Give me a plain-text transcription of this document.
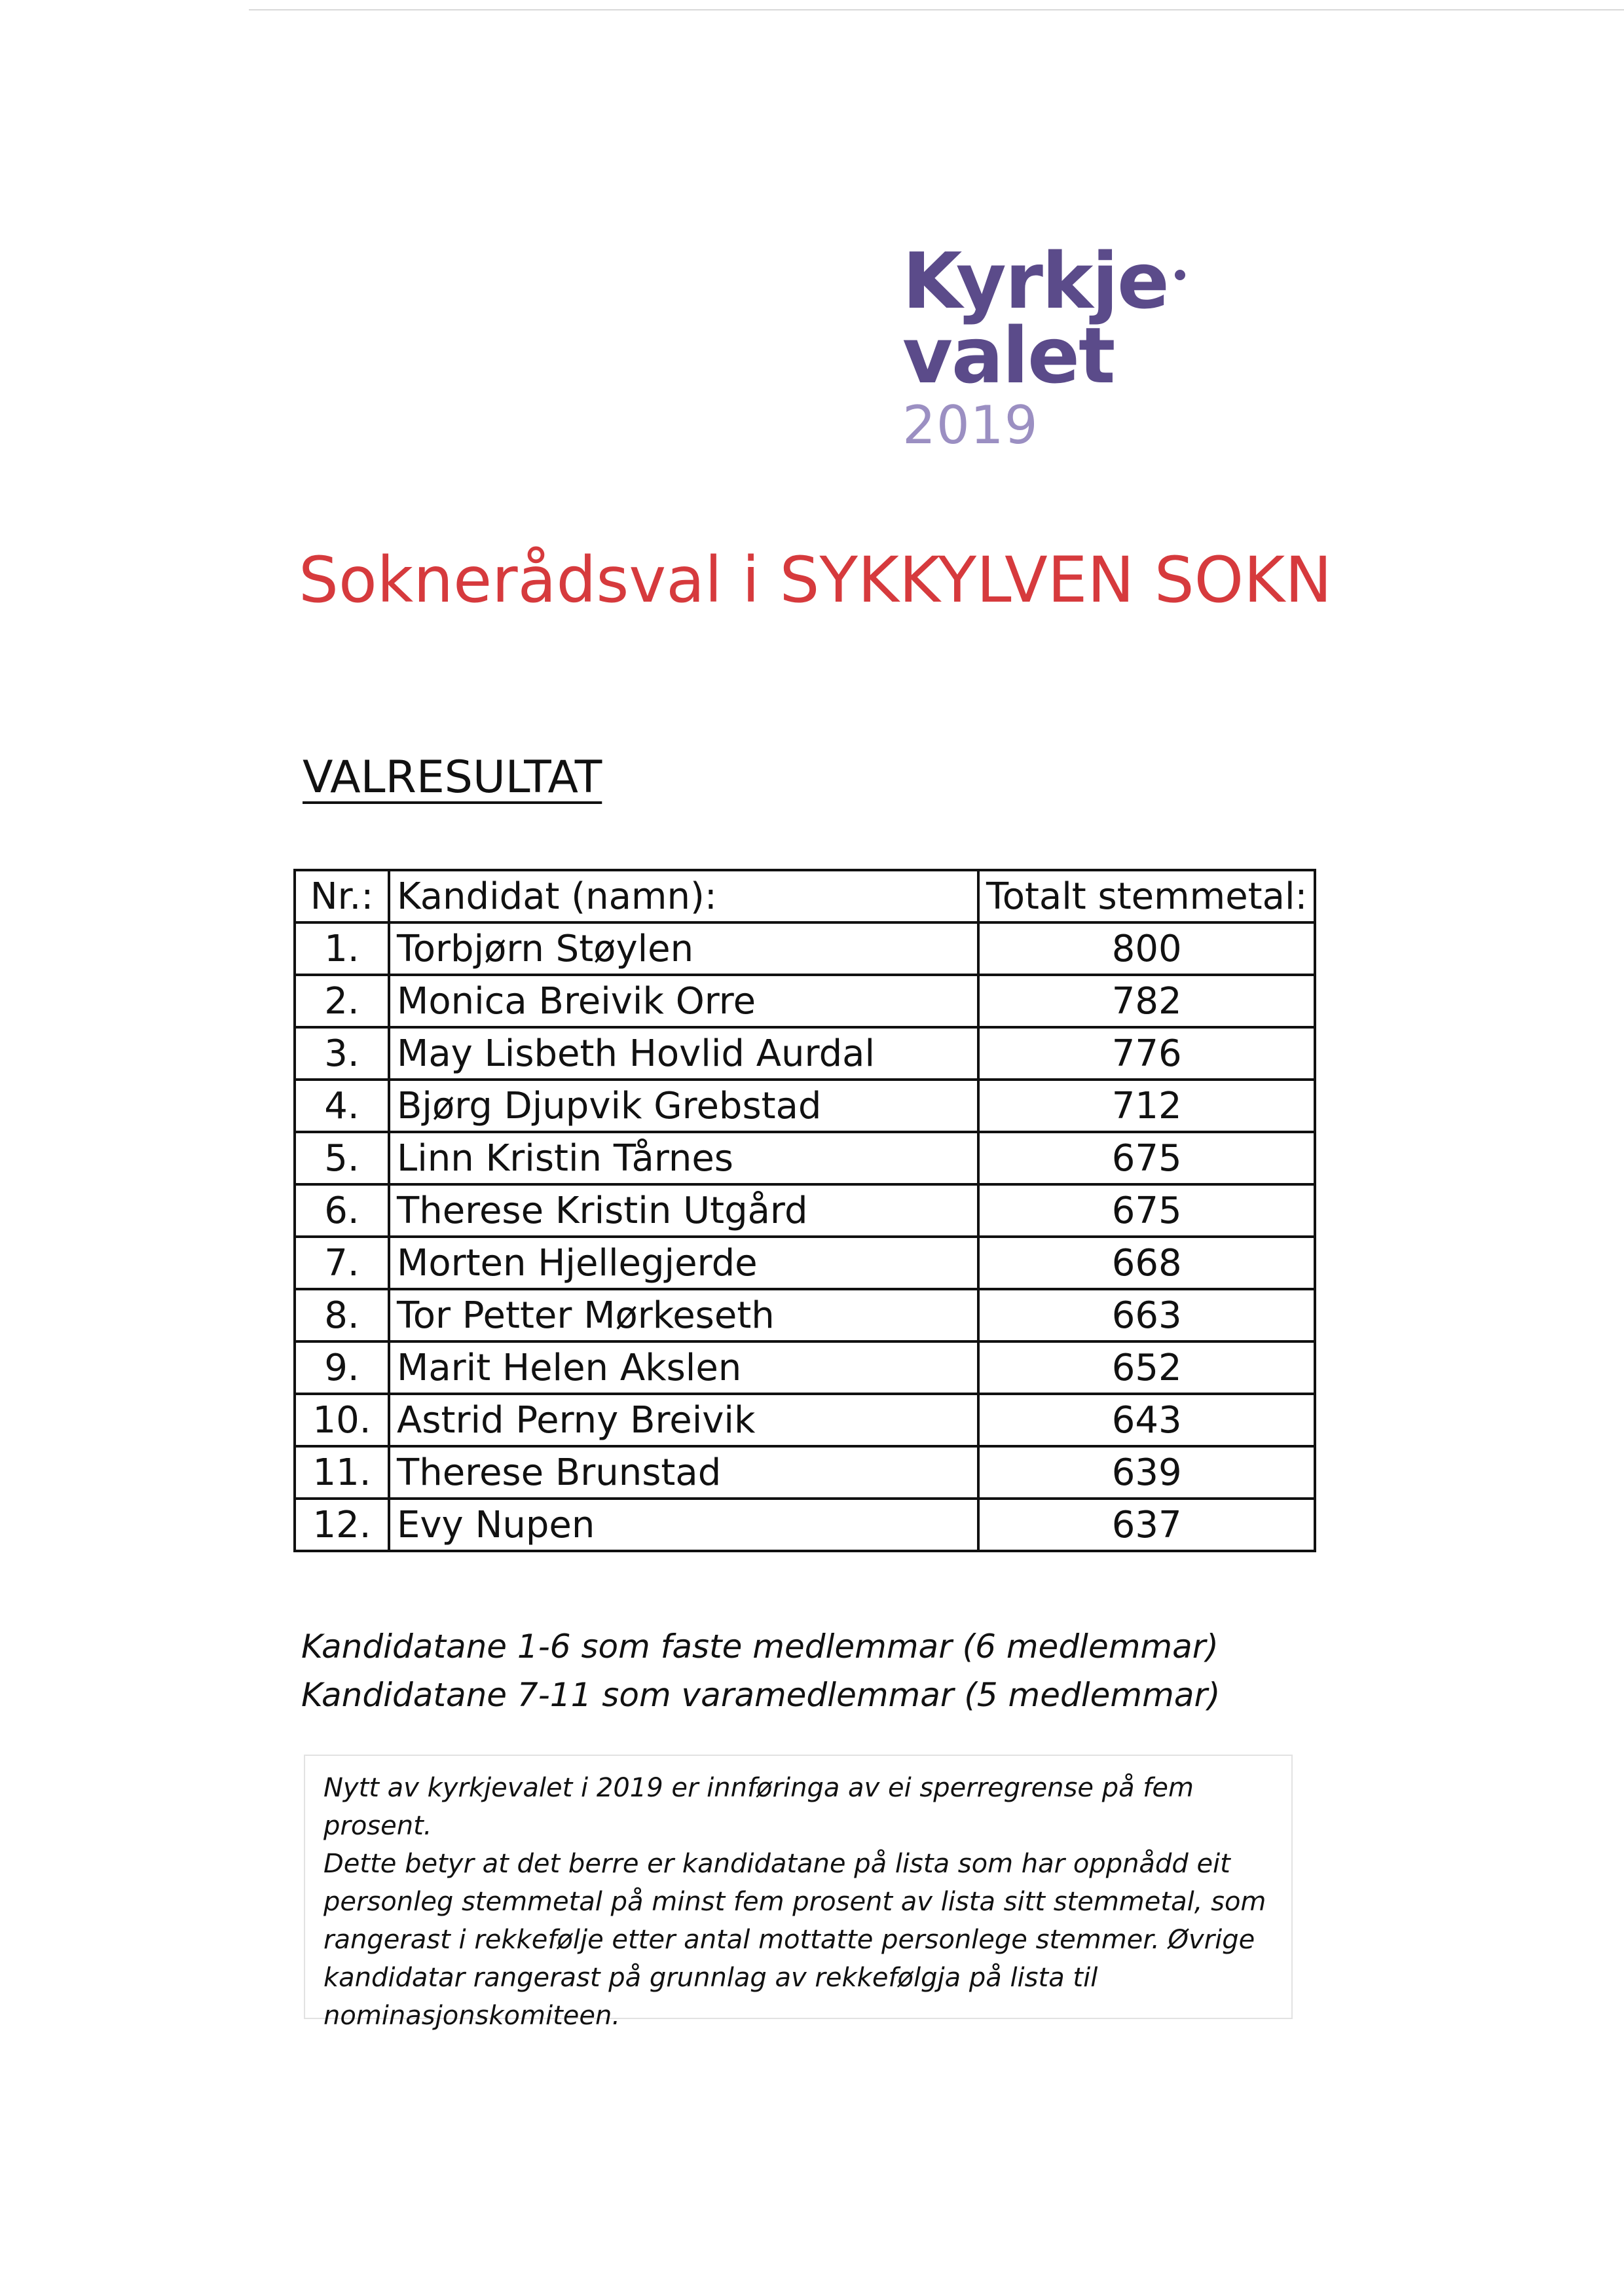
Kyrkje
valet
2019
Soknerådsval i SYKKYLVEN SOKN
VALRESULTAT
Nr.:	Kandidat (namn):	Totalt stemmetal:
1.	Torbjørn Støylen	800
2.	Monica Breivik Orre	782
3.	May Lisbeth Hovlid Aurdal	776
4.	Bjørg Djupvik Grebstad	712
5.	Linn Kristin Tårnes	675
6.	Therese Kristin Utgård	675
7.	Morten Hjellegjerde	668
8.	Tor Petter Mørkeseth	663
9.	Marit Helen Akslen	652
10.	Astrid Perny Breivik	643
11.	Therese Brunstad	639
12.	Evy Nupen	637
Kandidatane 1-6 som faste medlemmar (6 medlemmar)
Kandidatane 7-11 som varamedlemmar (5 medlemmar)
Nytt av kyrkjevalet i 2019 er innføringa av ei sperregrense på fem prosent.
Dette betyr at det berre er kandidatane på lista som har oppnådd eit
personleg stemmetal på minst fem prosent av lista sitt stemmetal, som
rangerast i rekkefølje etter antal mottatte personlege stemmer. Øvrige
kandidatar rangerast på grunnlag av rekkefølgja på lista til
nominasjonskomiteen.
